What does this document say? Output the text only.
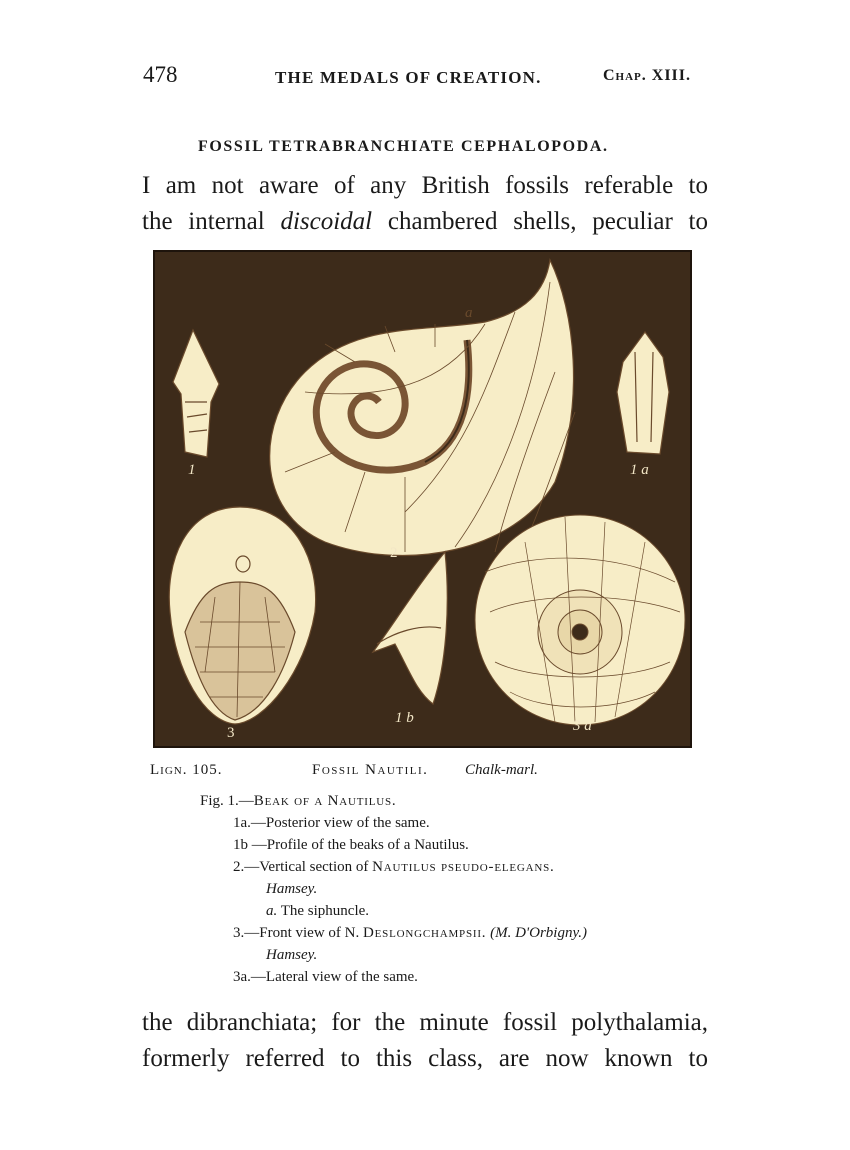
478	THE MEDALS OF CREATION.	Chap. XIII.
FOSSIL TETRABRANCHIATE CEPHALOPODA.
I am not aware of any British fossils referable to
the internal discoidal chambered shells, peculiar to
1	1 a
2
3
1 b	3 a
a
Lign. 105.	Fossil Nautili. Chalk-marl.
Fig. 1.—Beak of a Nautilus.
1a.—Posterior view of the same.
1b —Profile of the beaks of a Nautilus.
2.—Vertical section of Nautilus pseudo-elegans.
Hamsey.
a. The siphuncle.
3.—Front view of N. Deslongchampsii. (M. D'Orbigny.)
Hamsey.
3a.—Lateral view of the same.
the dibranchiata; for the minute fossil polythalamia,
formerly referred to this class, are now known to
